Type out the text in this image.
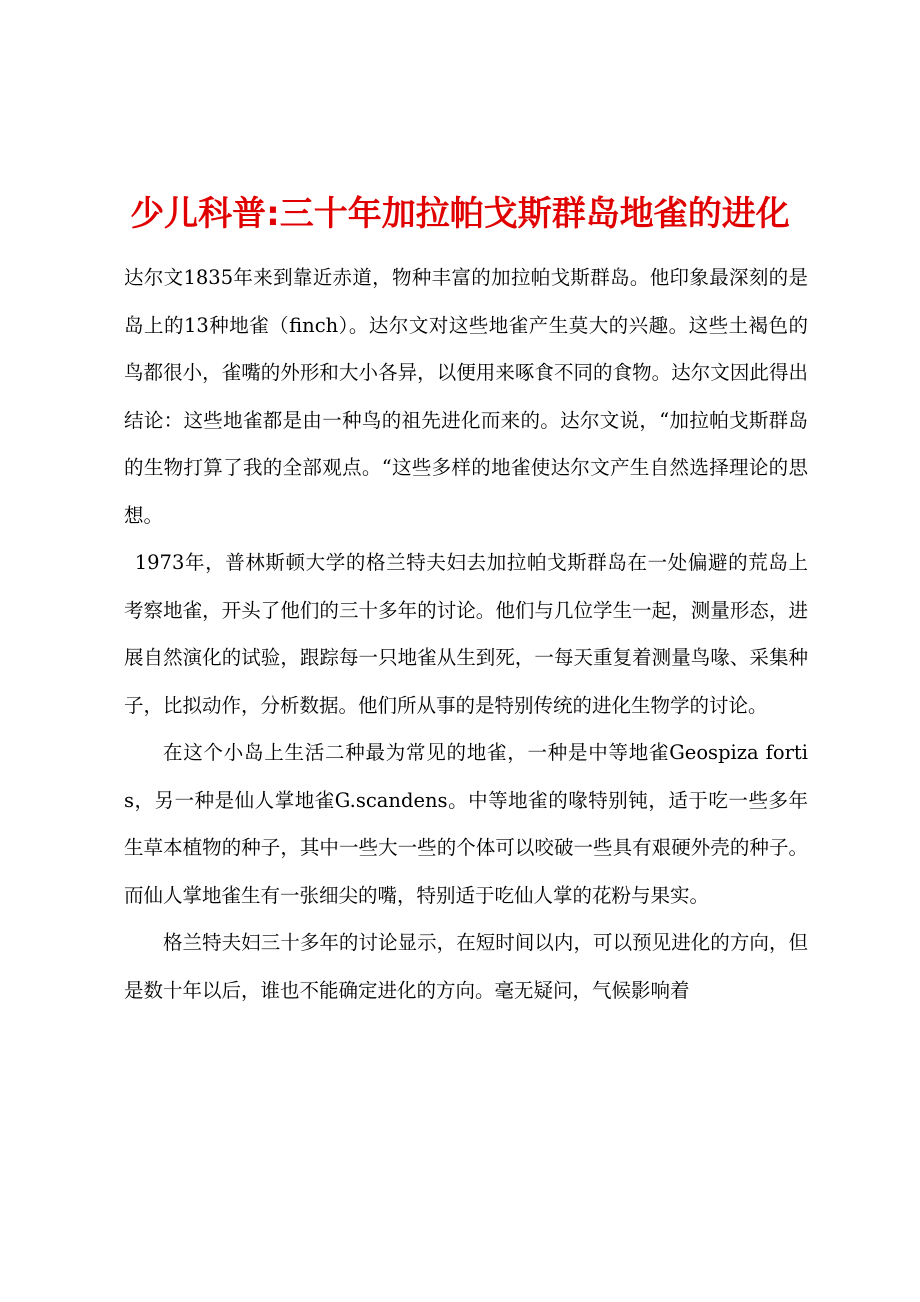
少儿科普:三十年加拉帕戈斯群岛地雀的进化

达尔文1835年来到靠近赤道，物种丰富的加拉帕戈斯群岛。他印象最深刻的是岛上的13种地雀（finch）。达尔文对这些地雀产生莫大的兴趣。这些土褐色的鸟都很小，雀嘴的外形和大小各异，以便用来啄食不同的食物。达尔文因此得出结论：这些地雀都是由一种鸟的祖先进化而来的。达尔文说，“加拉帕戈斯群岛的生物打算了我的全部观点。“这些多样的地雀使达尔文产生自然选择理论的思想。

1973年，普林斯顿大学的格兰特夫妇去加拉帕戈斯群岛在一处偏避的荒岛上考察地雀，开头了他们的三十多年的讨论。他们与几位学生一起，测量形态，进展自然演化的试验，跟踪每一只地雀从生到死，一每天重复着测量鸟喙、采集种子，比拟动作，分析数据。他们所从事的是特别传统的进化生物学的讨论。

在这个小岛上生活二种最为常见的地雀，一种是中等地雀Geospiza fortis，另一种是仙人掌地雀G.scandens。中等地雀的喙特别钝，适于吃一些多年生草本植物的种子，其中一些大一些的个体可以咬破一些具有艰硬外壳的种子。而仙人掌地雀生有一张细尖的嘴，特别适于吃仙人掌的花粉与果实。

格兰特夫妇三十多年的讨论显示，在短时间以内，可以预见进化的方向，但是数十年以后，谁也不能确定进化的方向。毫无疑问，气候影响着
